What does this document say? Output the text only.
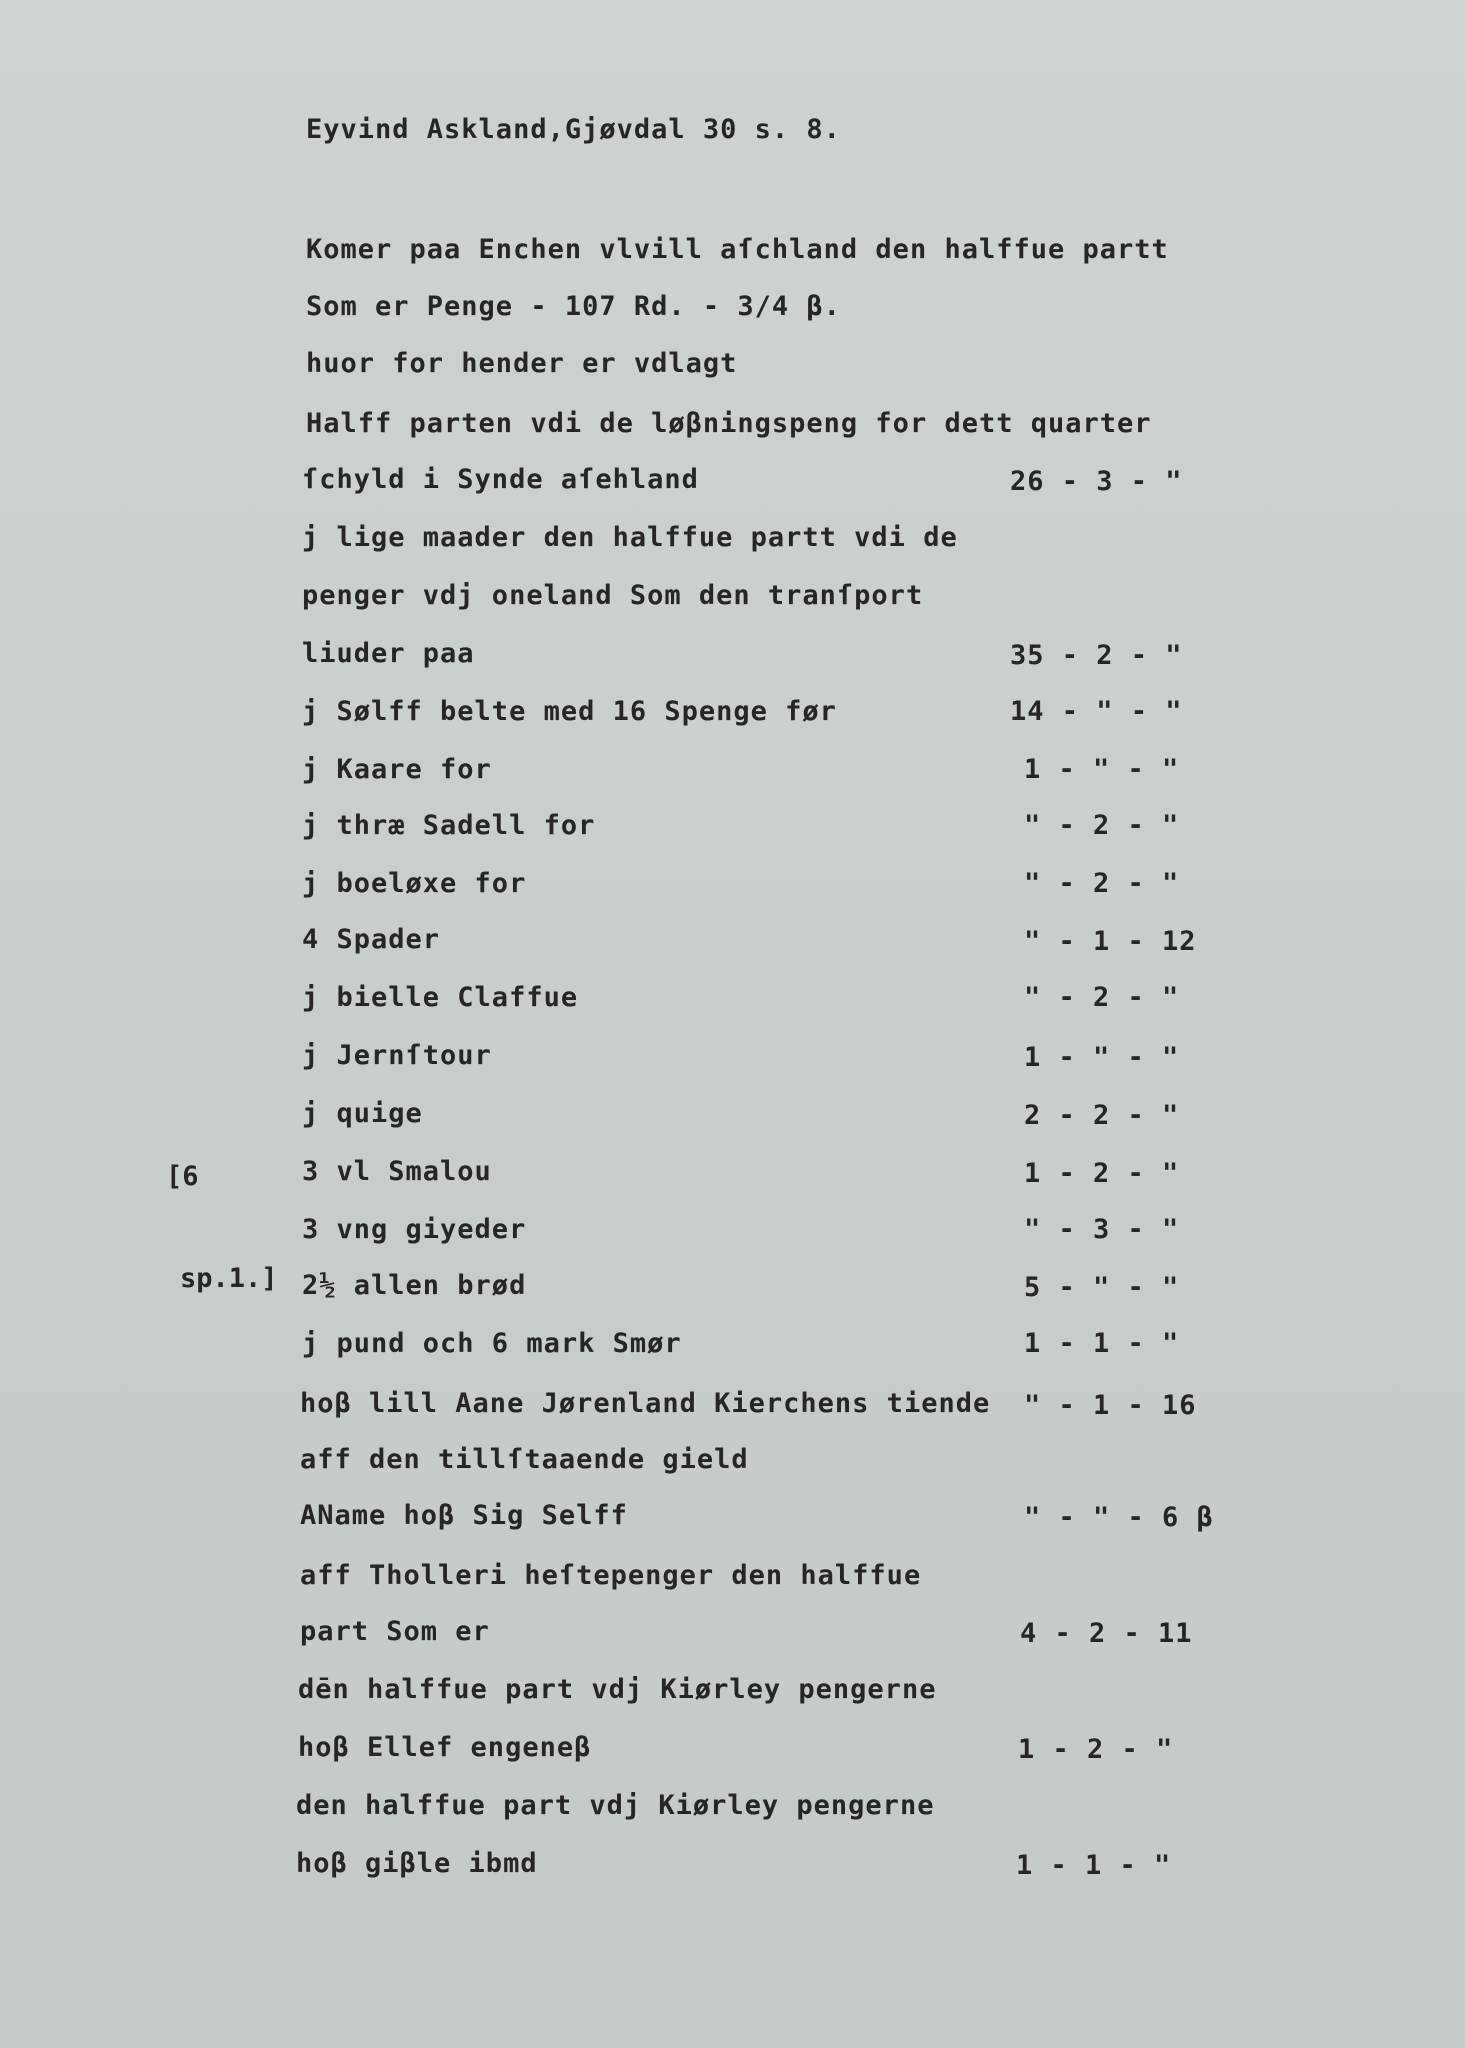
Eyvind Askland,Gjøvdal 30 s. 8.
Komer paa Enchen vlvill aſchland den halffue partt
Som er Penge - 107 Rd. - 3/4 β.
huor for hender er vdlagt
Halff parten vdi de løβningspeng for dett quarter
ſchyld i Synde aſehland	26 - 3 - "
j lige maader den halffue partt vdi de
penger vdj oneland Som den tranſport
liuder paa	35 - 2 - "
j Sølff belte med 16 Spenge før	14 - " - "
j Kaare for	1 - " - "
j thræ Sadell for	" - 2 - "
j boeløxe for	" - 2 - "
4 Spader	" - 1 - 12
j bielle Claffue	" - 2 - "
j Jernſtour	1 - " - "

[6

sp.1.]

j quige	2 - 2 - "
3 vl Smalou	1 - 2 - "
3 vng giyeder	" - 3 - "
2½ allen brød	5 - " - "
j pund och 6 mark Smør	1 - 1 - "
hoβ lill Aane Jørenland Kierchens tiende " - 1 - 16
aff den tillſtaaende gield
AName hoβ Sig Selff	" - " - 6 β
aff Tholleri heſtepenger den halffue
part Som er	4 - 2 - 11
dēn halffue part vdj Kiørley pengerne
hoβ Ellef engeneβ	1 - 2 - "
den halffue part vdj Kiørley pengerne
hoβ giβle ibmd	1 - 1 - "
